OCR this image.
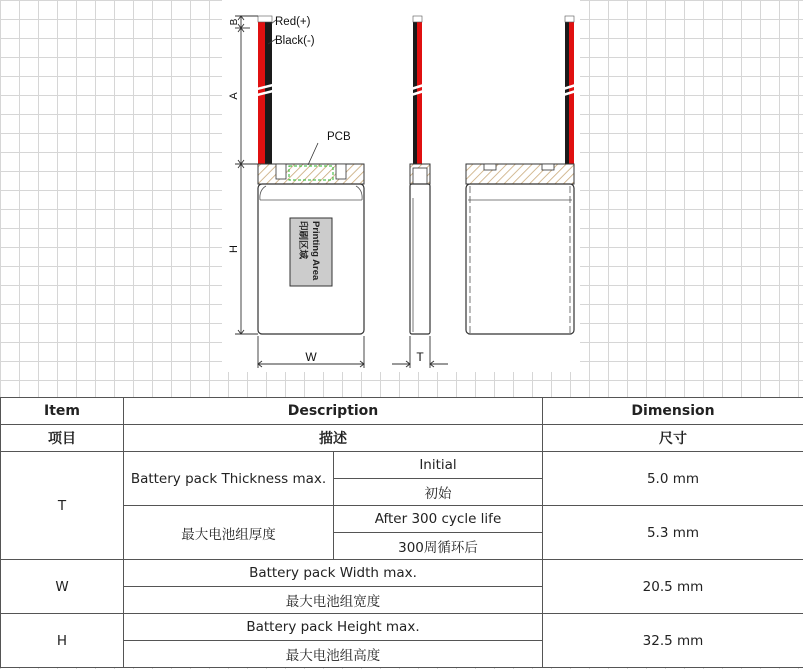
Printing Area
印刷区域
Red(+)
Black(-)
PCB
B
A
H
W	T
Item	Description		Dimension
项目	描述		尺寸
T	Battery pack Thickness max.	Initial	5.0 mm
		初始	
	最大电池组厚度	After 300 cycle life	5.3 mm
		300周循环后	
W	Battery pack Width max.		20.5 mm
	最大电池组宽度		
H	Battery pack Height max.		32.5 mm
	最大电池组高度		
